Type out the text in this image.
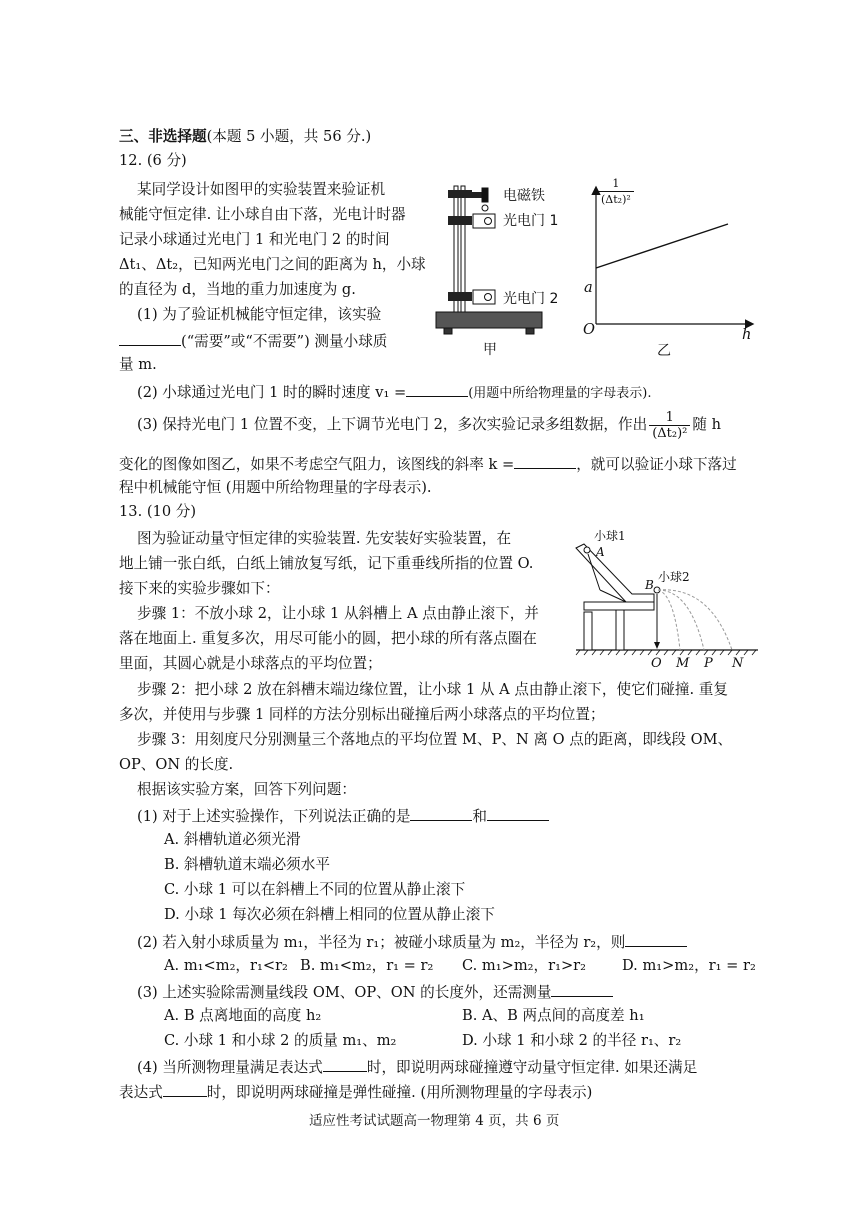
三、非选择题(本题 5 小题，共 56 分.)
12. (6 分)
某同学设计如图甲的实验装置来验证机
械能守恒定律. 让小球自由下落，光电计时器
记录小球通过光电门 1 和光电门 2 的时间
Δt₁、Δt₂，已知两光电门之间的距离为 h，小球
的直径为 d，当地的重力加速度为 g.
(1) 为了验证机械能守恒定律，该实验
(“需要”或“不需要”) 测量小球质
量 m.
(2) 小球通过光电门 1 时的瞬时速度 v₁ =	(用题中所给物理量的字母表示).
(3) 保持光电门 1 位置不变，上下调节光电门 2，多次实验记录多组数据，作出 $\frac{1}{\text{(Δt₂)²}}$ 随 h
变化的图像如图乙，如果不考虑空气阻力，该图线的斜率 k =	，就可以验证小球下落过
程中机械能守恒 (用题中所给物理量的字母表示).
电磁铁
光电门 1
光电门 2
甲
$\frac{1}{\text{(Δt₂)²}}$
a
O	h
乙
13. (10 分)
图为验证动量守恒定律的实验装置. 先安装好实验装置，在
地上铺一张白纸，白纸上铺放复写纸，记下重垂线所指的位置 O.
接下来的实验步骤如下：
步骤 1：不放小球 2，让小球 1 从斜槽上 A 点由静止滚下，并
落在地面上. 重复多次，用尽可能小的圆，把小球的所有落点圈在
里面，其圆心就是小球落点的平均位置；
步骤 2：把小球 2 放在斜槽末端边缘位置，让小球 1 从 A 点由静止滚下，使它们碰撞. 重复
多次，并使用与步骤 1 同样的方法分别标出碰撞后两小球落点的平均位置；
步骤 3：用刻度尺分别测量三个落地点的平均位置 M、P、N 离 O 点的距离，即线段 OM、
OP、ON 的长度.
根据该实验方案，回答下列问题：
(1) 对于上述实验操作，下列说法正确的是	和
A. 斜槽轨道必须光滑
B. 斜槽轨道末端必须水平
C. 小球 1 可以在斜槽上不同的位置从静止滚下
D. 小球 1 每次必须在斜槽上相同的位置从静止滚下
(2) 若入射小球质量为 m₁，半径为 r₁；被碰小球质量为 m₂，半径为 r₂，则
A. m₁<m₂，r₁<r₂ B. m₁<m₂，r₁ = r₂ C. m₁>m₂，r₁>r₂ D. m₁>m₂，r₁ = r₂
(3) 上述实验除需测量线段 OM、OP、ON 的长度外，还需测量
A. B 点离地面的高度 h₂	B. A、B 两点间的高度差 h₁
C. 小球 1 和小球 2 的质量 m₁、m₂	D. 小球 1 和小球 2 的半径 r₁、r₂
(4) 当所测物理量满足表达式	时，即说明两球碰撞遵守动量守恒定律. 如果还满足
表达式	时，即说明两球碰撞是弹性碰撞. (用所测物理量的字母表示)
小球1
A
B
小球2
O M P N
适应性考试试题高一物理第 4 页，共 6 页
